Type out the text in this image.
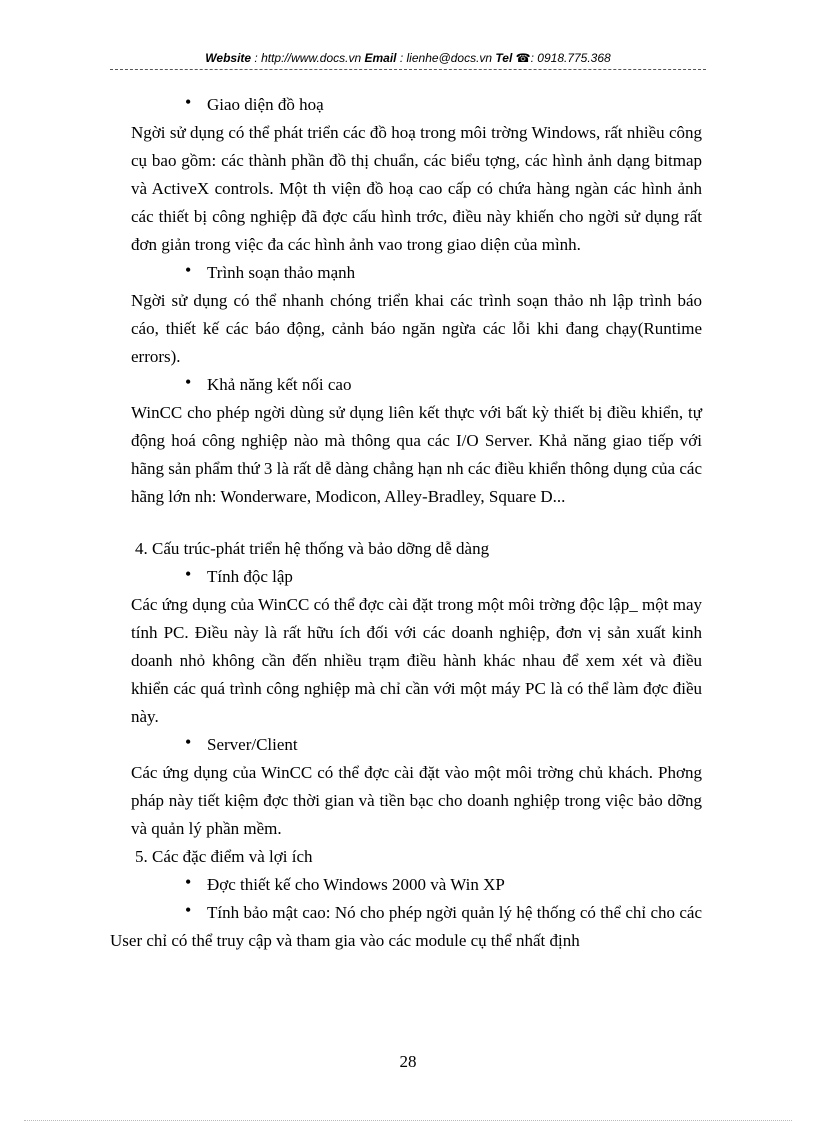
Website : http://www.docs.vn Email : lienhe@docs.vn Tel ☎: 0918.775.368
• Giao diện đồ hoạ
Ngời sử dụng có thể phát triển các đồ hoạ trong môi trờng Windows, rất nhiều công cụ bao gồm: các thành phần đồ thị chuẩn, các biểu tợng, các hình ảnh dạng bitmap và ActiveX controls. Một th viện đồ hoạ cao cấp có chứa hàng ngàn các hình ảnh các thiết bị công nghiệp đã đợc cấu hình trớc, điều này khiến cho ngời sử dụng rất đơn giản trong việc đa các hình ảnh vao trong giao diện của mình.
• Trình soạn thảo mạnh
Ngời sử dụng có thể nhanh chóng triển khai các trình soạn thảo nh lập trình báo cáo, thiết kế các báo động, cảnh báo ngăn ngừa các lỗi khi đang chạy(Runtime errors).
• Khả năng kết nối cao
WinCC cho phép ngời dùng sử dụng liên kết thực với bất kỳ thiết bị điều khiển, tự động hoá công nghiệp nào mà thông qua các I/O Server. Khả năng giao tiếp với hãng sản phẩm thứ 3 là rất dễ dàng chẳng hạn nh các điều khiển thông dụng của các hãng lớn nh: Wonderware, Modicon, Alley-Bradley, Square D...
4. Cấu trúc-phát triển hệ thống và bảo dỡng dễ dàng
• Tính độc lập
Các ứng dụng của WinCC có thể đợc cài đặt trong một môi trờng độc lập_ một may tính PC. Điều này là rất hữu ích đối với các doanh nghiệp, đơn vị sản xuất kinh doanh nhỏ không cần đến nhiều trạm điều hành khác nhau để xem xét và điều khiển các quá trình công nghiệp mà chỉ cần với một máy PC là có thể làm đợc điều này.
• Server/Client
Các ứng dụng của WinCC có thể đợc cài đặt vào một môi trờng chủ khách. Phơng pháp này tiết kiệm đợc thời gian và tiền bạc cho doanh nghiệp trong việc bảo dỡng và quản lý phần mềm.
5. Các đặc điểm và lợi ích
• Đợc thiết kế cho Windows 2000 và Win XP
• Tính bảo mật cao: Nó cho phép ngời quản lý hệ thống có thể chỉ cho các User chỉ có thể truy cập và tham gia vào các module cụ thể nhất định
28
